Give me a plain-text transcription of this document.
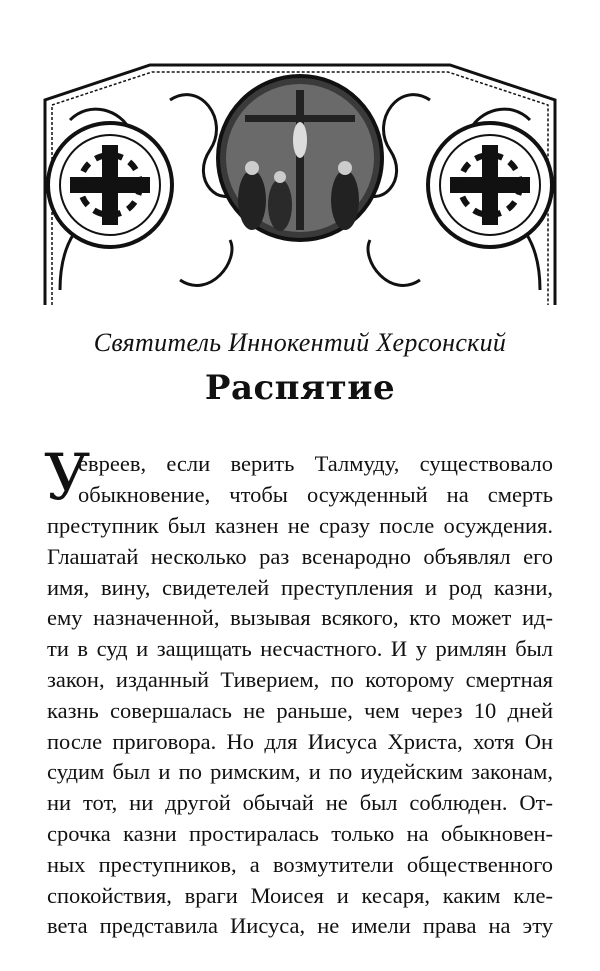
Святитель Иннокентий Херсонский
Распятие
У
евреев, если верить Талмуду, существовало
обыкновение, чтобы осужденный на смерть
преступник был казнен не сразу после осуждения.
Глашатай несколько раз всенародно объявлял его
имя, вину, свидетелей преступления и род казни,
ему назначенной, вызывая всякого, кто может ид-
ти в суд и защищать несчастного. И у римлян был
закон, изданный Тиверием, по которому смертная
казнь совершалась не раньше, чем через 10 дней
после приговора. Но для Иисуса Христа, хотя Он
судим был и по римским, и по иудейским законам,
ни тот, ни другой обычай не был соблюден. От-
срочка казни простиралась только на обыкновен-
ных преступников, а возмутители общественного
спокойствия, враги Моисея и кесаря, каким кле-
вета представила Иисуса, не имели права на эту
